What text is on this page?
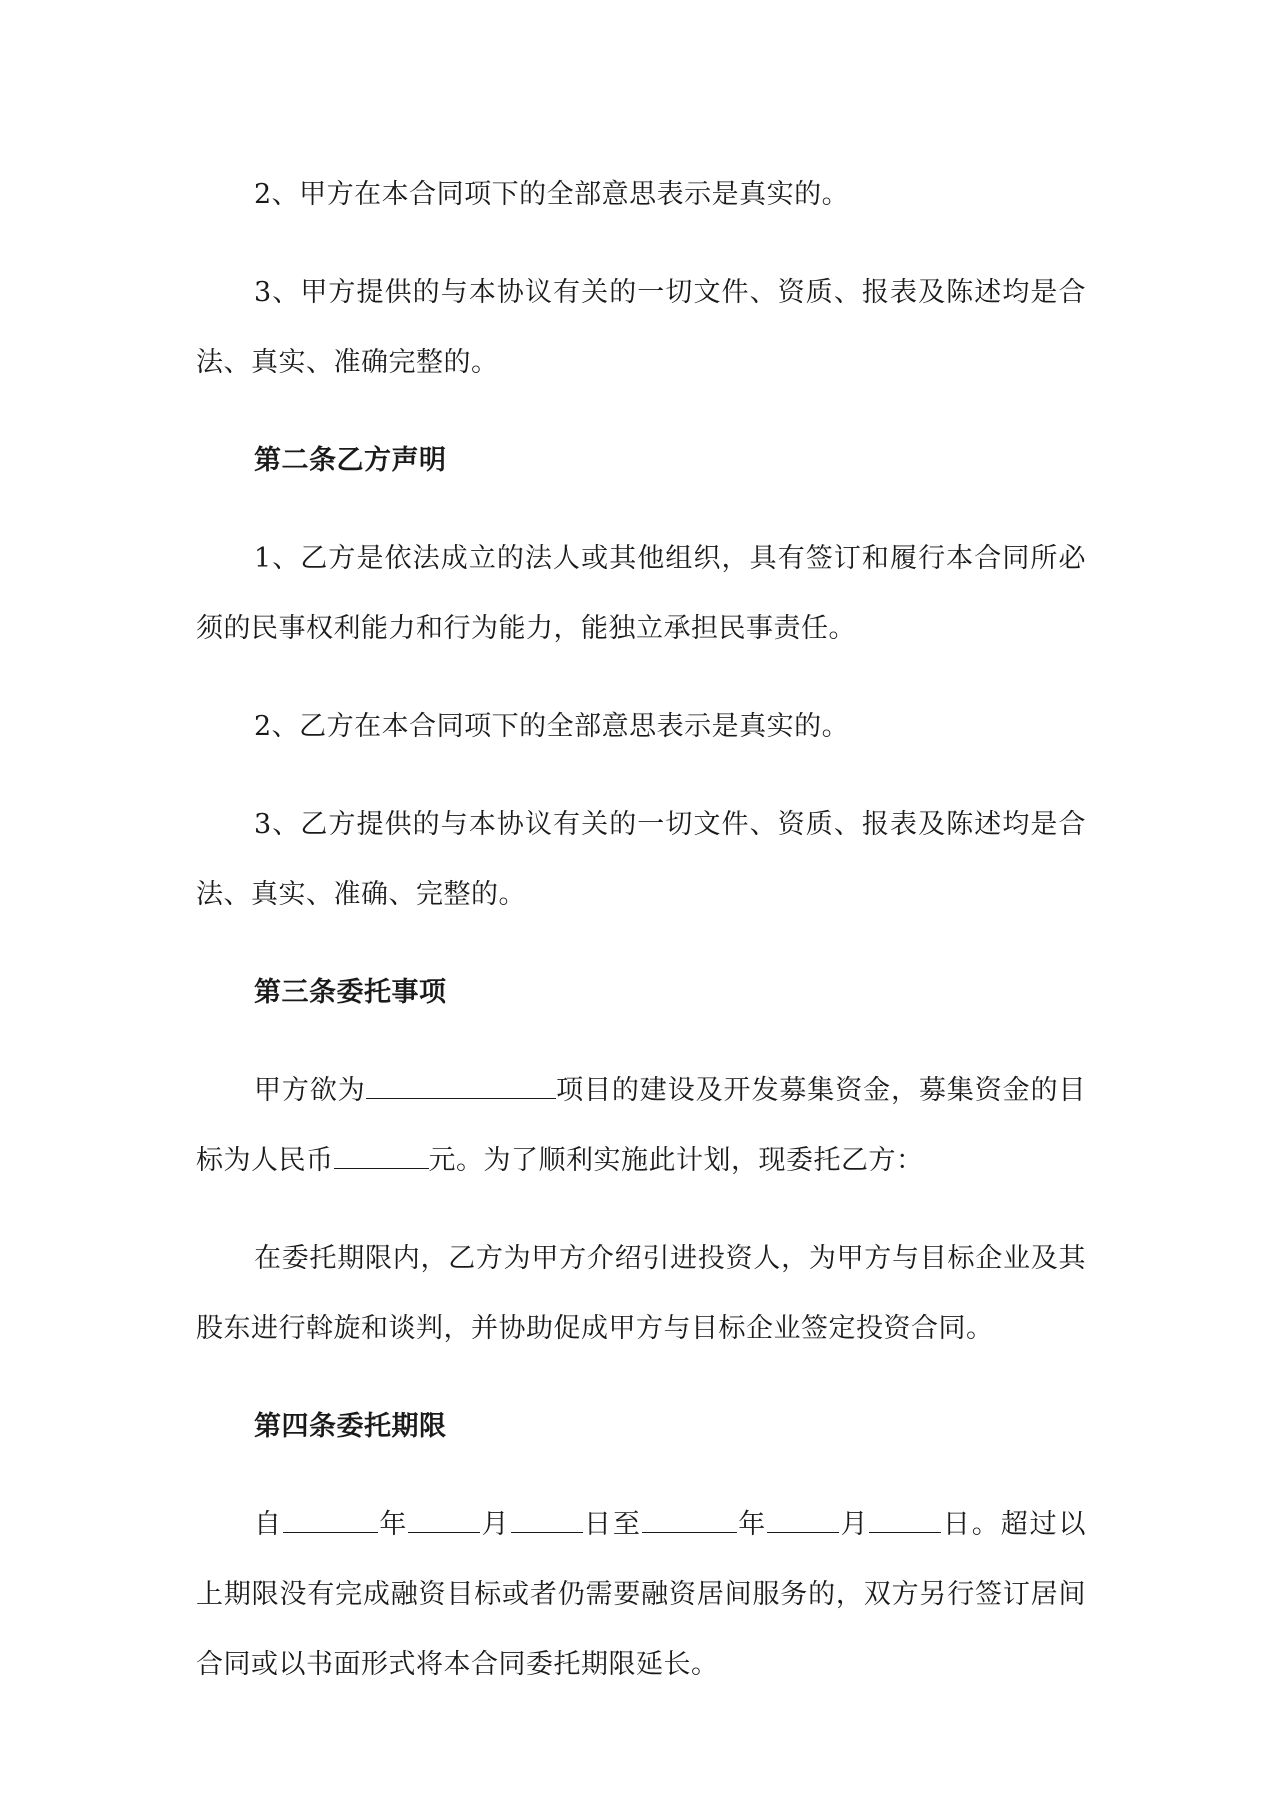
2、甲方在本合同项下的全部意思表示是真实的。

3、甲方提供的与本协议有关的一切文件、资质、报表及陈述均是合法、真实、准确完整的。

第二条乙方声明

1、乙方是依法成立的法人或其他组织，具有签订和履行本合同所必须的民事权利能力和行为能力，能独立承担民事责任。

2、乙方在本合同项下的全部意思表示是真实的。

3、乙方提供的与本协议有关的一切文件、资质、报表及陈述均是合法、真实、准确、完整的。

第三条委托事项

甲方欲为	项目的建设及开发募集资金，募集资金的目标为人民币	元。为了顺利实施此计划，现委托乙方：

在委托期限内，乙方为甲方介绍引进投资人，为甲方与目标企业及其股东进行斡旋和谈判，并协助促成甲方与目标企业签定投资合同。

第四条委托期限

自	年	月	日至	年	月	日。超过以上期限没有完成融资目标或者仍需要融资居间服务的，双方另行签订居间合同或以书面形式将本合同委托期限延长。
